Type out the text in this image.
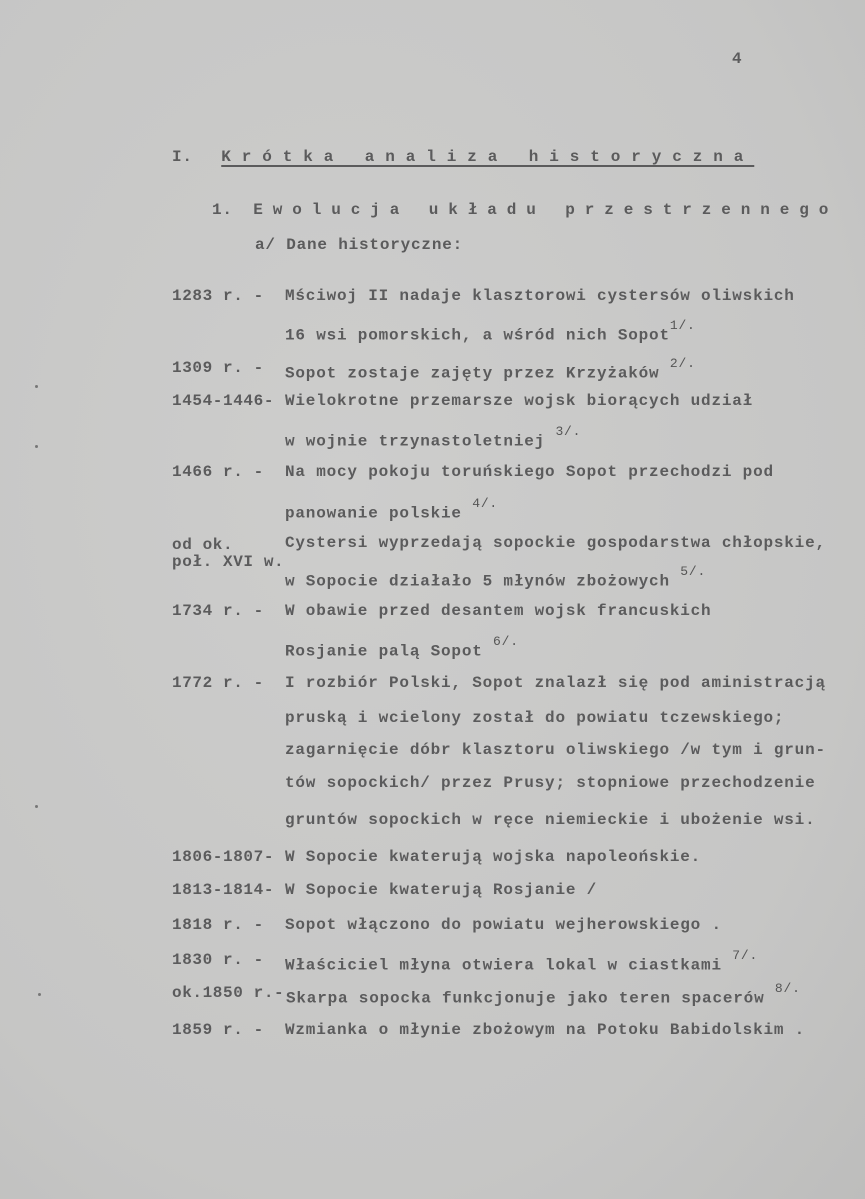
4
I. Krótka analiza historyczna
1. Ewolucja układu przestrzennego
a/ Dane historyczne:
1283 r. - Mściwoj II nadaje klasztorowi cystersów oliwskich
16 wsi pomorskich, a wśród nich Sopot$^{1/.}$
1309 r. - Sopot zostaje zajęty przez Krzyżaków $^{2/.}$
1454-1446- Wielokrotne przemarsze wojsk biorących udział
w wojnie trzynastoletniej $^{3/.}$
1466 r. - Na mocy pokoju toruńskiego Sopot przechodzi pod
panowanie polskie $^{4/.}$
od ok.
poł. XVI w.
Cystersi wyprzedają sopockie gospodarstwa chłopskie,
w Sopocie działało 5 młynów zbożowych $^{5/.}$
1734 r. - W obawie przed desantem wojsk francuskich
Rosjanie palą Sopot $^{6/.}$
1772 r. - I rozbiór Polski, Sopot znalazł się pod aministracją
pruską i wcielony został do powiatu tczewskiego;
zagarnięcie dóbr klasztoru oliwskiego /w tym i grun-
tów sopockich/ przez Prusy; stopniowe przechodzenie
gruntów sopockich w ręce niemieckie i ubożenie wsi.
1806-1807- W Sopocie kwaterują wojska napoleońskie.
1813-1814- W Sopocie kwaterują Rosjanie /
1818 r. - Sopot włączono do powiatu wejherowskiego .
1830 r. - Właściciel młyna otwiera lokal w ciastkami $^{7/.}$
ok.1850 r.- Skarpa sopocka funkcjonuje jako teren spacerów $^{8/.}$
1859 r. - Wzmianka o młynie zbożowym na Potoku Babidolskim .
